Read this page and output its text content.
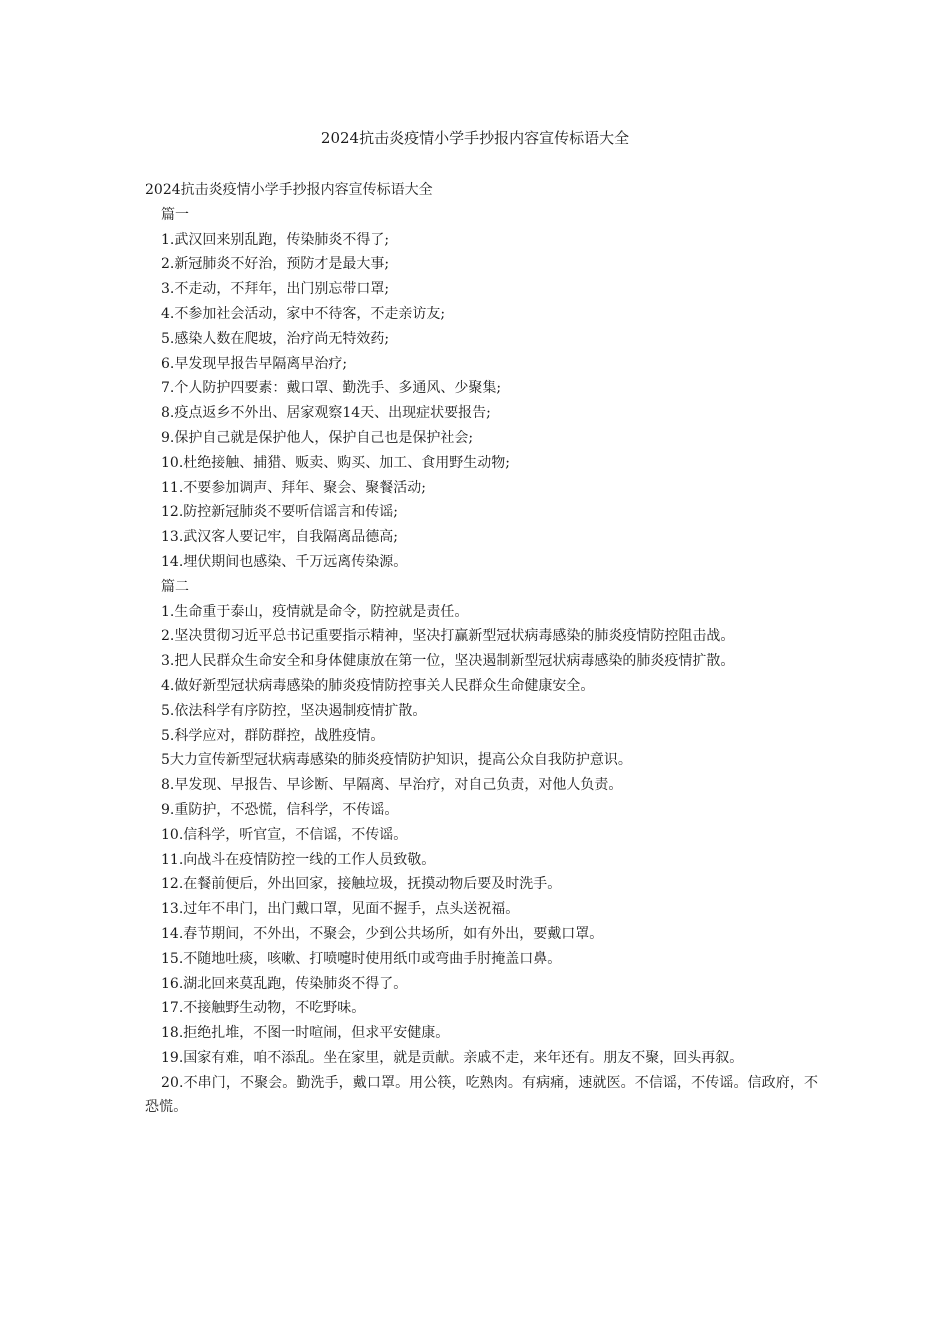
2024抗击炎疫情小学手抄报内容宣传标语大全
2024抗击炎疫情小学手抄报内容宣传标语大全
篇一
1.武汉回来别乱跑，传染肺炎不得了;
2.新冠肺炎不好治，预防才是最大事;
3.不走动，不拜年，出门别忘带口罩;
4.不参加社会活动，家中不待客，不走亲访友;
5.感染人数在爬坡，治疗尚无特效药;
6.早发现早报告早隔离早治疗;
7.个人防护四要素：戴口罩、勤洗手、多通风、少聚集;
8.疫点返乡不外出、居家观察14天、出现症状要报告;
9.保护自己就是保护他人，保护自己也是保护社会;
10.杜绝接触、捕猎、贩卖、购买、加工、食用野生动物;
11.不要参加调声、拜年、聚会、聚餐活动;
12.防控新冠肺炎不要听信谣言和传谣;
13.武汉客人要记牢，自我隔离品德高;
14.埋伏期间也感染、千万远离传染源。
篇二
1.生命重于泰山，疫情就是命令，防控就是责任。
2.坚决贯彻习近平总书记重要指示精神，坚决打赢新型冠状病毒感染的肺炎疫情防控阻击战。
3.把人民群众生命安全和身体健康放在第一位，坚决遏制新型冠状病毒感染的肺炎疫情扩散。
4.做好新型冠状病毒感染的肺炎疫情防控事关人民群众生命健康安全。
5.依法科学有序防控，坚决遏制疫情扩散。
5.科学应对，群防群控，战胜疫情。
5大力宣传新型冠状病毒感染的肺炎疫情防护知识，提高公众自我防护意识。
8.早发现、早报告、早诊断、早隔离、早治疗，对自己负责，对他人负责。
9.重防护，不恐慌，信科学，不传谣。
10.信科学，听官宣，不信谣，不传谣。
11.向战斗在疫情防控一线的工作人员致敬。
12.在餐前便后，外出回家，接触垃圾，抚摸动物后要及时洗手。
13.过年不串门，出门戴口罩，见面不握手，点头送祝福。
14.春节期间，不外出，不聚会，少到公共场所，如有外出，要戴口罩。
15.不随地吐痰，咳嗽、打喷嚏时使用纸巾或弯曲手肘掩盖口鼻。
16.湖北回来莫乱跑，传染肺炎不得了。
17.不接触野生动物，不吃野味。
18.拒绝扎堆，不图一时喧闹，但求平安健康。
19.国家有难，咱不添乱。坐在家里，就是贡献。亲戚不走，来年还有。朋友不聚，回头再叙。
20.不串门，不聚会。勤洗手，戴口罩。用公筷，吃熟肉。有病痛，速就医。不信谣，不传谣。信政府，不恐慌。
